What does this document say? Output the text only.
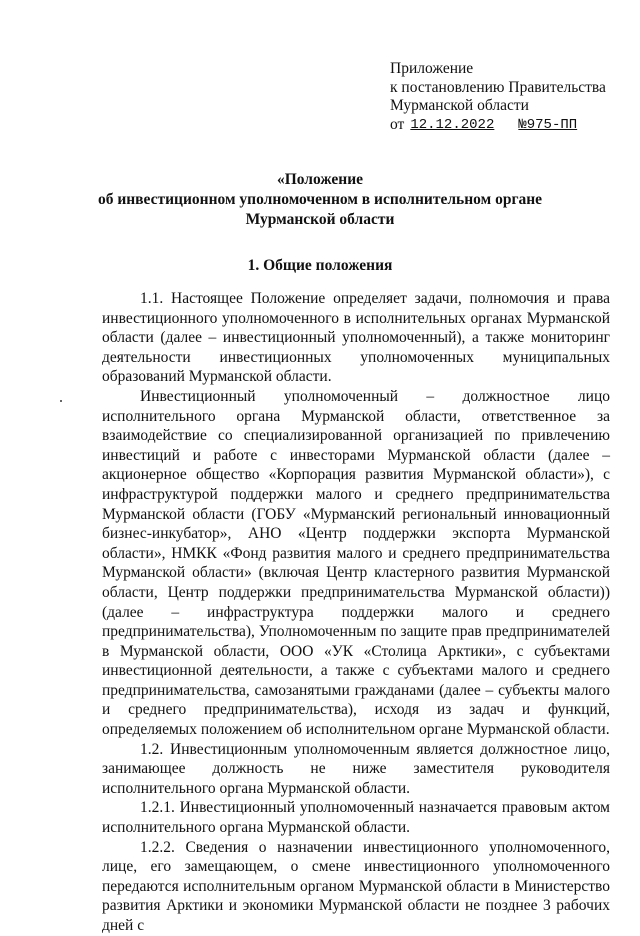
Приложение
к постановлению Правительства
Мурманской области
от 12.12.2022 №975-ПП
«Положение
об инвестиционном уполномоченном в исполнительном органе
Мурманской области
1. Общие положения

1.1. Настоящее Положение определяет задачи, полномочия и права инвестиционного уполномоченного в исполнительных органах Мурманской области (далее – инвестиционный уполномоченный), а также мониторинг деятельности инвестиционных уполномоченных муниципальных образований Мурманской области.

Инвестиционный уполномоченный – должностное лицо исполнительного органа Мурманской области, ответственное за взаимодействие со специализированной организацией по привлечению инвестиций и работе с инвесторами Мурманской области (далее – акционерное общество «Корпорация развития Мурманской области»), с инфраструктурой поддержки малого и среднего предпринимательства Мурманской области (ГОБУ «Мурманский региональный инновационный бизнес-инкубатор», АНО «Центр поддержки экспорта Мурманской области», НМКК «Фонд развития малого и среднего предпринимательства Мурманской области» (включая Центр кластерного развития Мурманской области, Центр поддержки предпринимательства Мурманской области)) (далее – инфраструктура поддержки малого и среднего предпринимательства), Уполномоченным по защите прав предпринимателей в Мурманской области, ООО «УК «Столица Арктики», с субъектами инвестиционной деятельности, а также с субъектами малого и среднего предпринимательства, самозанятыми гражданами (далее – субъекты малого и среднего предпринимательства), исходя из задач и функций, определяемых положением об исполнительном органе Мурманской области.

1.2. Инвестиционным уполномоченным является должностное лицо, занимающее должность не ниже заместителя руководителя исполнительного органа Мурманской области.

1.2.1. Инвестиционный уполномоченный назначается правовым актом исполнительного органа Мурманской области.

1.2.2. Сведения о назначении инвестиционного уполномоченного, лице, его замещающем, о смене инвестиционного уполномоченного передаются исполнительным органом Мурманской области в Министерство развития Арктики и экономики Мурманской области не позднее 3 рабочих дней с
